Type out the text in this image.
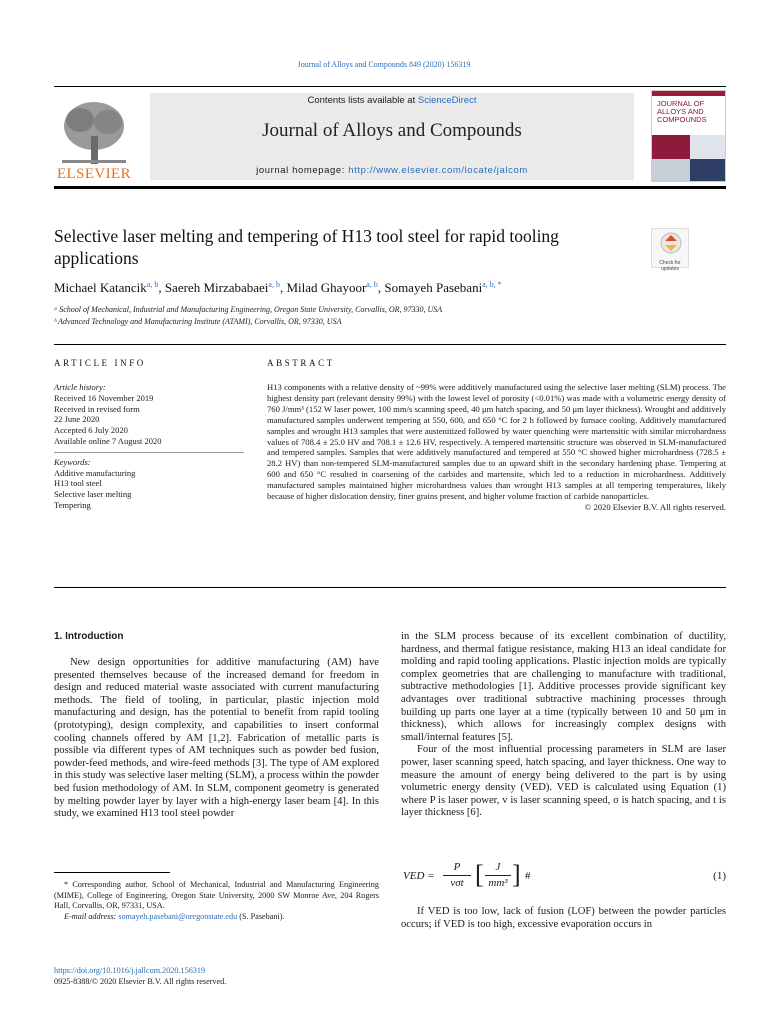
Journal of Alloys and Compounds 849 (2020) 156319
ELSEVIER
Contents lists available at ScienceDirect
Journal of Alloys and Compounds
journal homepage: http://www.elsevier.com/locate/jalcom
JOURNAL OF
ALLOYS AND
COMPOUNDS
Selective laser melting and tempering of H13 tool steel for rapid tooling applications	Check for updates
Michael Katancik$^{a, b}$, Saereh Mirzababaei$^{a, b}$, Milad Ghayoor$^{a, b}$, Somayeh Pasebani$^{a, b, *}$
ᵃ School of Mechanical, Industrial and Manufacturing Engineering, Oregon State University, Corvallis, OR, 97330, USA
ᵇ Advanced Technology and Manufacturing Institute (ATAMI), Corvallis, OR, 97330, USA
ARTICLE INFO
Article history:
Received 16 November 2019
Received in revised form
22 June 2020
Accepted 6 July 2020
Available online 7 August 2020
Keywords:
Additive manufacturing
H13 tool steel
Selective laser melting
Tempering
ABSTRACT
H13 components with a relative density of ~99% were additively manufactured using the selective laser melting (SLM) process. The highest density part (relevant density 99%) with the lowest level of porosity (<0.01%) was made with a volumetric energy density of 760 J/mm³ (152 W laser power, 100 mm/s scanning speed, 40 μm hatch spacing, and 50 μm layer thickness). Wrought and additively manufactured samples underwent tempering at 550, 600, and 650 °C for 2 h followed by furnace cooling. Additively manufactured samples and wrought H13 samples that were austenitized followed by water quenching were martensitic with similar microhardness values of 708.4 ± 25.0 HV and 708.1 ± 12.6 HV, respectively. A tempered martensitic structure was observed in SLM-manufactured and tempered samples. Samples that were additively manufactured and tempered at 550 °C showed higher microhardness (728.5 ± 28.2 HV) than non-tempered SLM-manufactured samples due to an upward shift in the secondary hardening phase. Tempering at 600 and 650 °C resulted in coarsening of the carbides and martensite, which led to a reduction in microhardness. Additively manufactured samples maintained higher microhardness values than wrought H13 samples at all tempering temperatures, likely because of higher dislocation density, finer grains present, and higher volume fraction of carbide nanoparticles.
© 2020 Elsevier B.V. All rights reserved.
1. Introduction

New design opportunities for additive manufacturing (AM) have presented themselves because of the increased demand for freedom in design and reduced material waste associated with current manufacturing methods. The field of tooling, in particular, plastic injection mold manufacturing and design, has the potential to benefit from rapid tooling (prototyping), design complexity, and capabilities to insert conformal cooling channels offered by AM [1,2]. Fabrication of metallic parts is possible via different types of AM techniques such as powder bed fusion, powder-feed methods, and wire-feed methods [3]. The type of AM explored in this study was selective laser melting (SLM), a process within the powder bed fusion methodology of AM. In SLM, component geometry is generated by melting powder layer by layer with a high-energy laser beam [4]. In this study, we examined H13 tool steel powder

in the SLM process because of its excellent combination of ductility, hardness, and thermal fatigue resistance, making H13 an ideal candidate for molding and rapid tooling applications. Plastic injection molds are typically complex geometries that are challenging to manufacture with traditional, subtractive methodologies [1]. Additive processes provide significant key advantages over traditional subtractive machining processes through building up parts one layer at a time (typically between 10 and 50 μm in thickness), which allows for increasingly complex designs with small/internal features [5].

Four of the most influential processing parameters in SLM are laser power, laser scanning speed, hatch spacing, and layer thickness. One way to measure the amount of energy being delivered to the part is by using volumetric energy density (VED). VED is calculated using Equation (1) where P is laser power, v is laser scanning speed, σ is hatch spacing, and t is layer thickness [6].

VED =
P
vσt [	J
mm³ ] #	(1)

If VED is too low, lack of fusion (LOF) between the powder particles occurs; if VED is too high, excessive evaporation occurs in

* Corresponding author. School of Mechanical, Industrial and Manufacturing Engineering (MIME), College of Engineering, Oregon State University, 2000 SW Monroe Ave, 204 Rogers Hall, Corvallis, OR, 97331, USA.
E-mail address: somayeh.pasebani@oregonstate.edu (S. Pasebani).
https://doi.org/10.1016/j.jallcom.2020.156319
0925-8388/© 2020 Elsevier B.V. All rights reserved.
